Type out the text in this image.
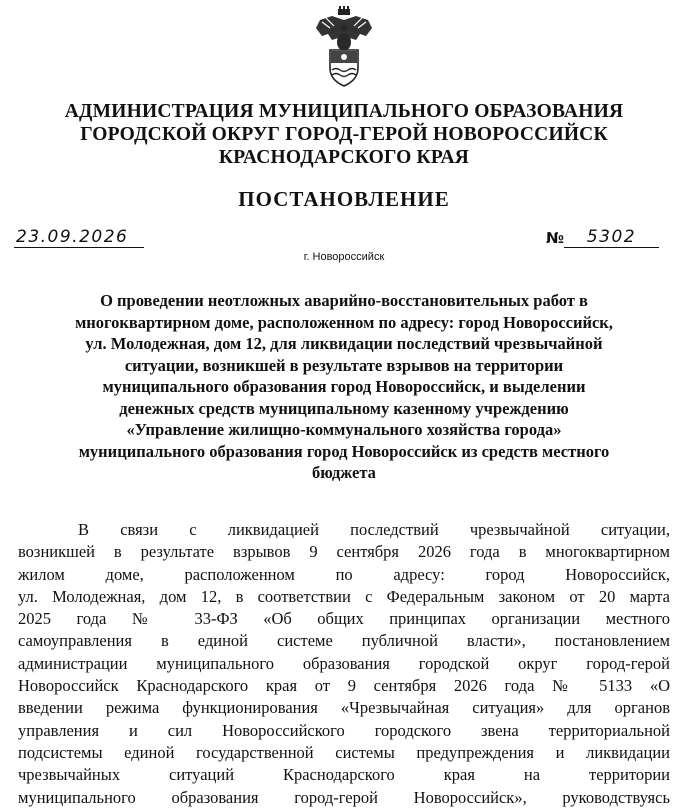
АДМИНИСТРАЦИЯ МУНИЦИПАЛЬНОГО ОБРАЗОВАНИЯ
ГОРОДСКОЙ ОКРУГ ГОРОД-ГЕРОЙ НОВОРОССИЙСК
КРАСНОДАРСКОГО КРАЯ
ПОСТАНОВЛЕНИЕ
23.09.2026	№	5302
г. Новороссийск
О проведении неотложных аварийно-восстановительных работ в
многоквартирном доме, расположенном по адресу: город Новороссийск,
ул. Молодежная, дом 12, для ликвидации последствий чрезвычайной
ситуации, возникшей в результате взрывов на территории
муниципального образования город Новороссийск, и выделении
денежных средств муниципальному казенному учреждению
«Управление жилищно-коммунального хозяйства города»
муниципального образования город Новороссийск из средств местного
бюджета
В связи с ликвидацией последствий чрезвычайной ситуации,
возникшей в результате взрывов 9 сентября 2026 года в многоквартирном
жилом доме, расположенном по адресу: город Новороссийск,
ул. Молодежная, дом 12, в соответствии с Федеральным законом от 20 марта
2025 года № 33-ФЗ «Об общих принципах организации местного
самоуправления в единой системе публичной власти», постановлением
администрации муниципального образования городской округ город-герой
Новороссийск Краснодарского края от 9 сентября 2026 года № 5133 «О
введении режима функционирования «Чрезвычайная ситуация» для органов
управления и сил Новороссийского городского звена территориальной
подсистемы единой государственной системы предупреждения и ликвидации
чрезвычайных ситуаций Краснодарского края на территории
муниципального образования город-герой Новороссийск», руководствуясь
